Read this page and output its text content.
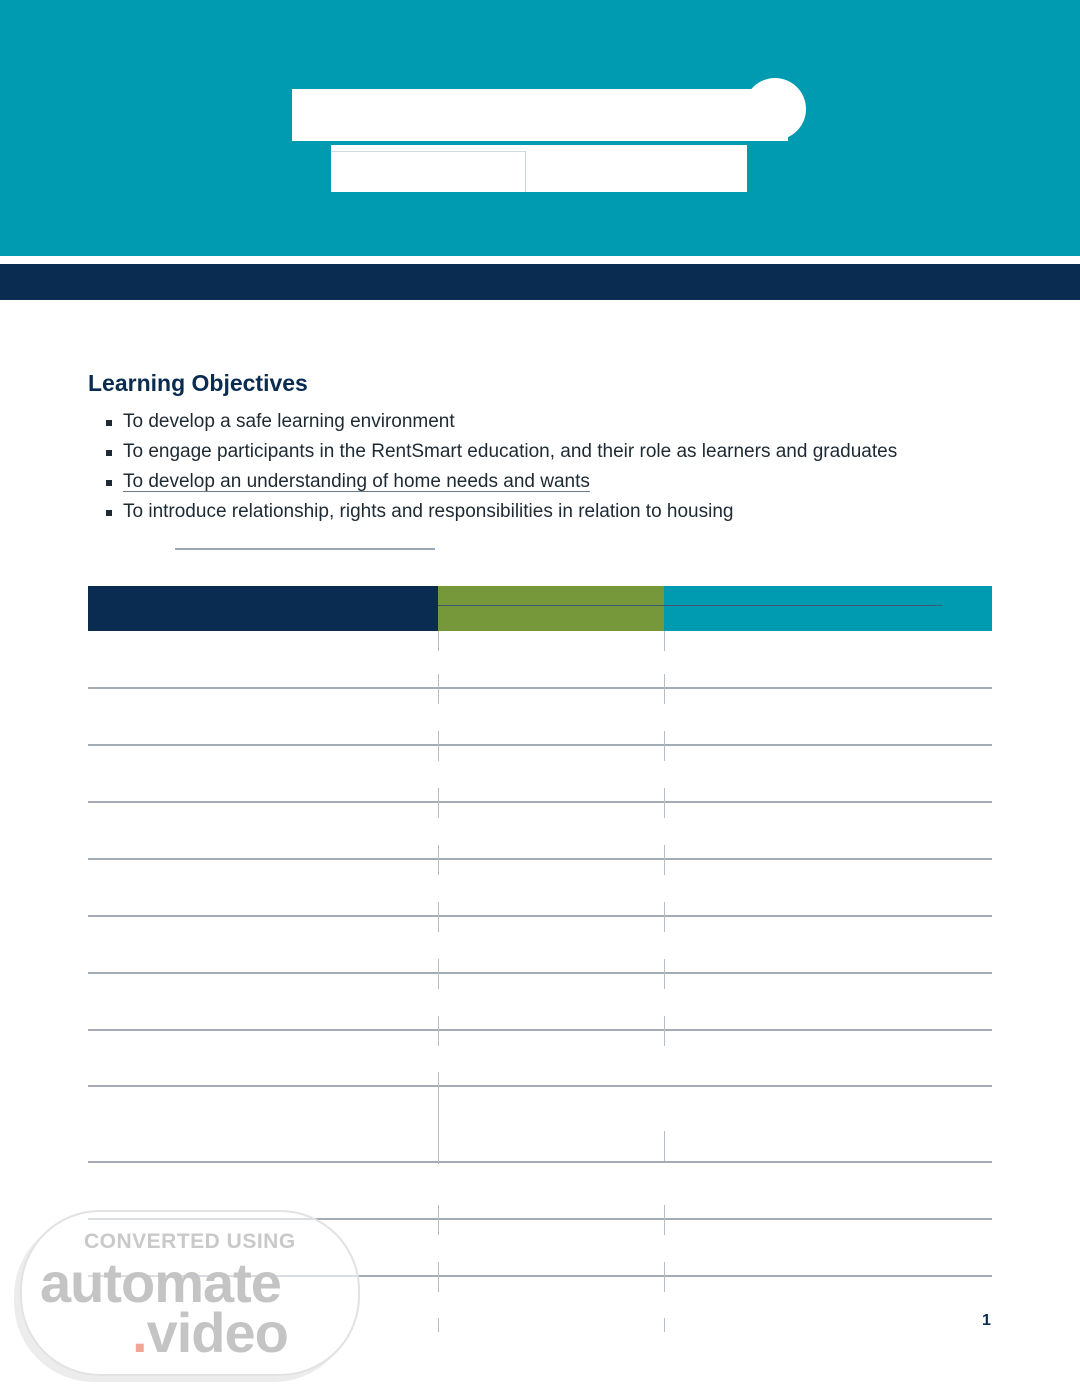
Learning Objectives
To develop a safe learning environment
To engage participants in the RentSmart education, and their role as learners and graduates
To develop an understanding of home needs and wants
To introduce relationship, rights and responsibilities in relation to housing
1
CONVERTED USING
automate
.video
